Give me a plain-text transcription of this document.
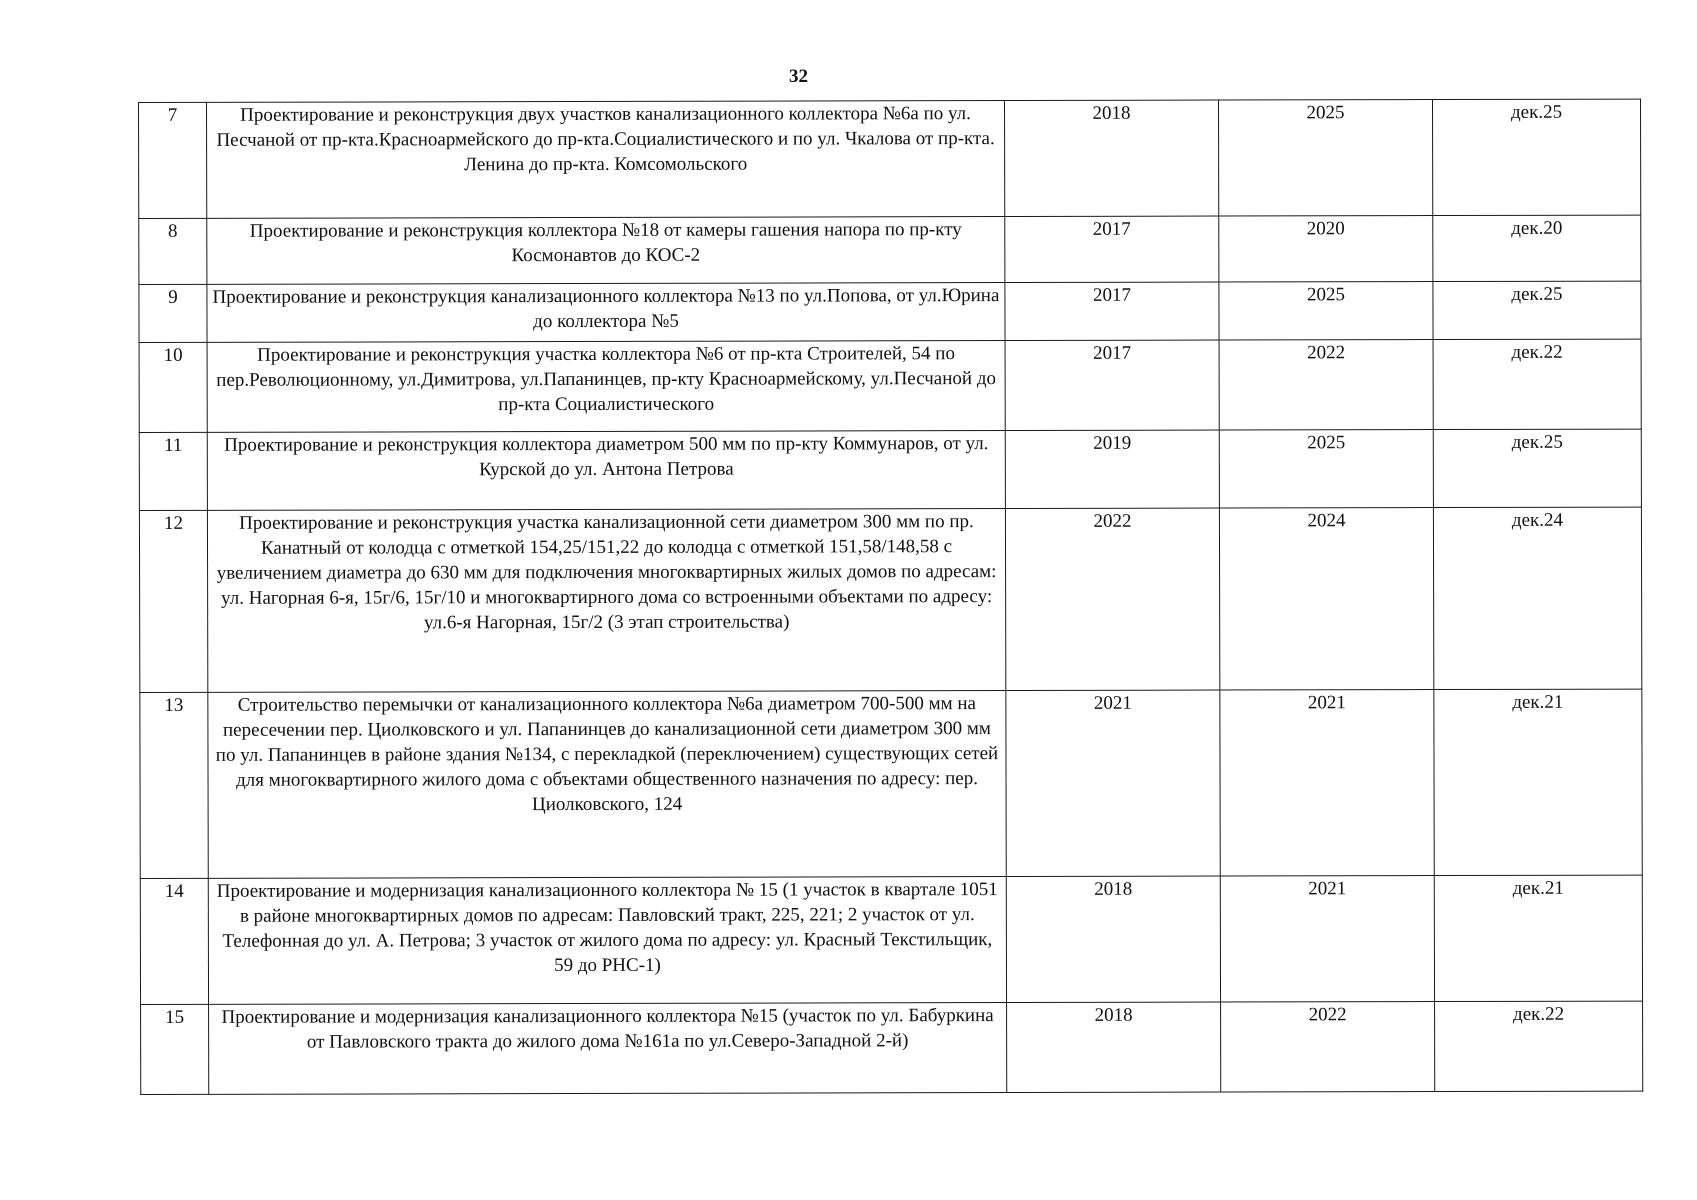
32
7	Проектирование и реконструкция двух участков канализационного коллектора №6а по ул. Песчаной от пр-кта.Красноармейского до пр-кта.Социалистического и по ул. Чкалова от пр-кта. Ленина до пр-кта. Комсомольского	2018	2025	дек.25
8	Проектирование и реконструкция коллектора №18 от камеры гашения напора по пр-кту Космонавтов до КОС-2	2017	2020	дек.20
9	Проектирование и реконструкция канализационного коллектора №13 по ул.Попова, от ул.Юрина до коллектора №5	2017	2025	дек.25
10	Проектирование и реконструкция участка коллектора №6 от пр-кта Строителей, 54 по пер.Революционному, ул.Димитрова, ул.Папанинцев, пр-кту Красноармейскому, ул.Песчаной до пр-кта Социалистического	2017	2022	дек.22
11	Проектирование и реконструкция коллектора диаметром 500 мм по пр-кту Коммунаров, от ул. Курской до ул. Антона Петрова	2019	2025	дек.25
12	Проектирование и реконструкция участка канализационной сети диаметром 300 мм по пр. Канатный от колодца с отметкой 154,25/151,22 до колодца с отметкой 151,58/148,58 с увеличением диаметра до 630 мм для подключения многоквартирных жилых домов по адресам: ул. Нагорная 6-я, 15г/6, 15г/10 и многоквартирного дома со встроенными объектами по адресу: ул.6-я Нагорная, 15г/2 (3 этап строительства)	2022	2024	дек.24
13	Строительство перемычки от канализационного коллектора №6а диаметром 700-500 мм на пересечении пер. Циолковского и ул. Папанинцев до канализационной сети диаметром 300 мм по ул. Папанинцев в районе здания №134, с перекладкой (переключением) существующих сетей для многоквартирного жилого дома с объектами общественного назначения по адресу: пер. Циолковского, 124	2021	2021	дек.21
14	Проектирование и модернизация канализационного коллектора № 15 (1 участок в квартале 1051 в районе многоквартирных домов по адресам: Павловский тракт, 225, 221; 2 участок от ул. Телефонная до ул. А. Петрова; 3 участок от жилого дома по адресу: ул. Красный Текстильщик, 59 до РНС-1)	2018	2021	дек.21
15	Проектирование и модернизация канализационного коллектора №15 (участок по ул. Бабуркина от Павловского тракта до жилого дома №161а по ул.Северо-Западной 2-й)	2018	2022	дек.22
